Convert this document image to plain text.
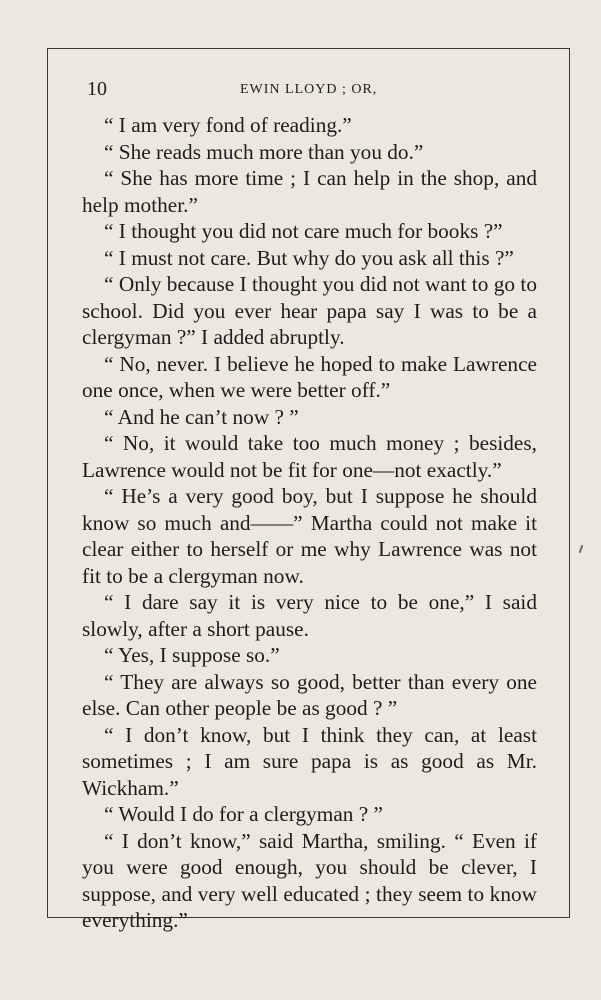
10	EWIN LLOYD ; OR,

“ I am very fond of reading.”

“ She reads much more than you do.”

“ She has more time ; I can help in the shop, and help mother.”

“ I thought you did not care much for books ?”

“ I must not care. But why do you ask all this ?”

“ Only because I thought you did not want to go to school. Did you ever hear papa say I was to be a clergyman ?” I added abruptly.

“ No, never. I believe he hoped to make Lawrence one once, when we were better off.”

“ And he can’t now ? ”

“ No, it would take too much money ; besides, Lawrence would not be fit for one—not exactly.”

“ He’s a very good boy, but I suppose he should know so much and——” Martha could not make it clear either to herself or me why Lawrence was not fit to be a clergyman now.

“ I dare say it is very nice to be one,” I said slowly, after a short pause.

“ Yes, I suppose so.”

“ They are always so good, better than every one else. Can other people be as good ? ”

“ I don’t know, but I think they can, at least sometimes ; I am sure papa is as good as Mr. Wickham.”

“ Would I do for a clergyman ? ”

“ I don’t know,” said Martha, smiling. “ Even if you were good enough, you should be clever, I suppose, and very well educated ; they seem to know everything.”
